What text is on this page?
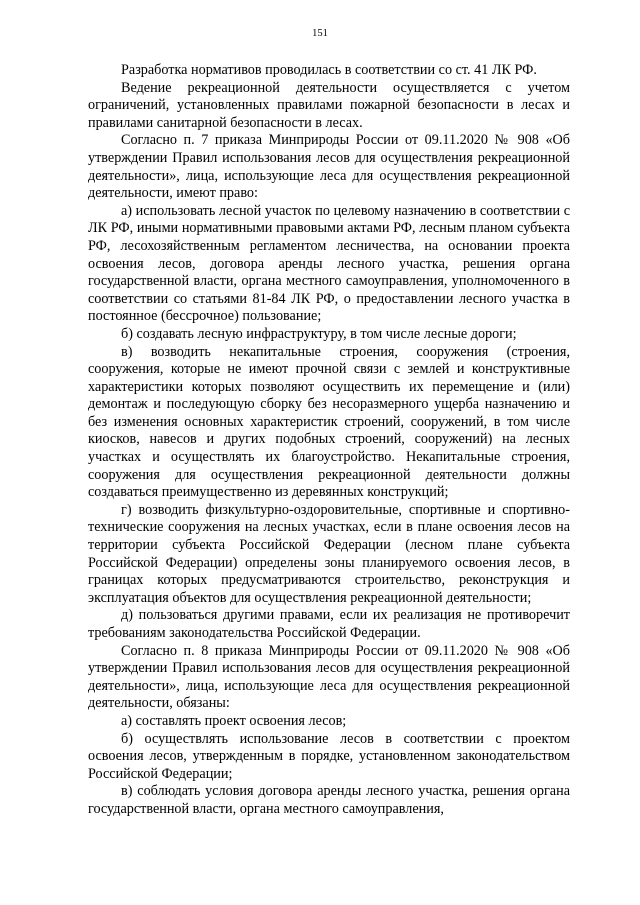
151

Разработка нормативов проводилась в соответствии со ст. 41 ЛК РФ.

Ведение рекреационной деятельности осуществляется с учетом ограничений, установленных правилами пожарной безопасности в лесах и правилами санитарной безопасности в лесах.

Согласно п. 7 приказа Минприроды России от 09.11.2020 № 908 «Об утверждении Правил использования лесов для осуществления рекреационной деятельности», лица, использующие леса для осуществления рекреационной деятельности, имеют право:

а) использовать лесной участок по целевому назначению в соответствии с ЛК РФ, иными нормативными правовыми актами РФ, лесным планом субъекта РФ, лесохозяйственным регламентом лесничества, на основании проекта освоения лесов, договора аренды лесного участка, решения органа государственной власти, органа местного самоуправления, уполномоченного в соответствии со статьями 81-84 ЛК РФ, о предоставлении лесного участка в постоянное (бессрочное) пользование;

б) создавать лесную инфраструктуру, в том числе лесные дороги;

в) возводить некапитальные строения, сооружения (строения, сооружения, которые не имеют прочной связи с землей и конструктивные характеристики которых позволяют осуществить их перемещение и (или) демонтаж и последующую сборку без несоразмерного ущерба назначению и без изменения основных характеристик строений, сооружений, в том числе киосков, навесов и других подобных строений, сооружений) на лесных участках и осуществлять их благоустройство. Некапитальные строения, сооружения для осуществления рекреационной деятельности должны создаваться преимущественно из деревянных конструкций;

г) возводить физкультурно-оздоровительные, спортивные и спортивно-технические сооружения на лесных участках, если в плане освоения лесов на территории субъекта Российской Федерации (лесном плане субъекта Российской Федерации) определены зоны планируемого освоения лесов, в границах которых предусматриваются строительство, реконструкция и эксплуатация объектов для осуществления рекреационной деятельности;

д) пользоваться другими правами, если их реализация не противоречит требованиям законодательства Российской Федерации.

Согласно п. 8 приказа Минприроды России от 09.11.2020 № 908 «Об утверждении Правил использования лесов для осуществления рекреационной деятельности», лица, использующие леса для осуществления рекреационной деятельности, обязаны:

а) составлять проект освоения лесов;

б) осуществлять использование лесов в соответствии с проектом освоения лесов, утвержденным в порядке, установленном законодательством Российской Федерации;

в) соблюдать условия договора аренды лесного участка, решения органа государственной власти, органа местного самоуправления,
